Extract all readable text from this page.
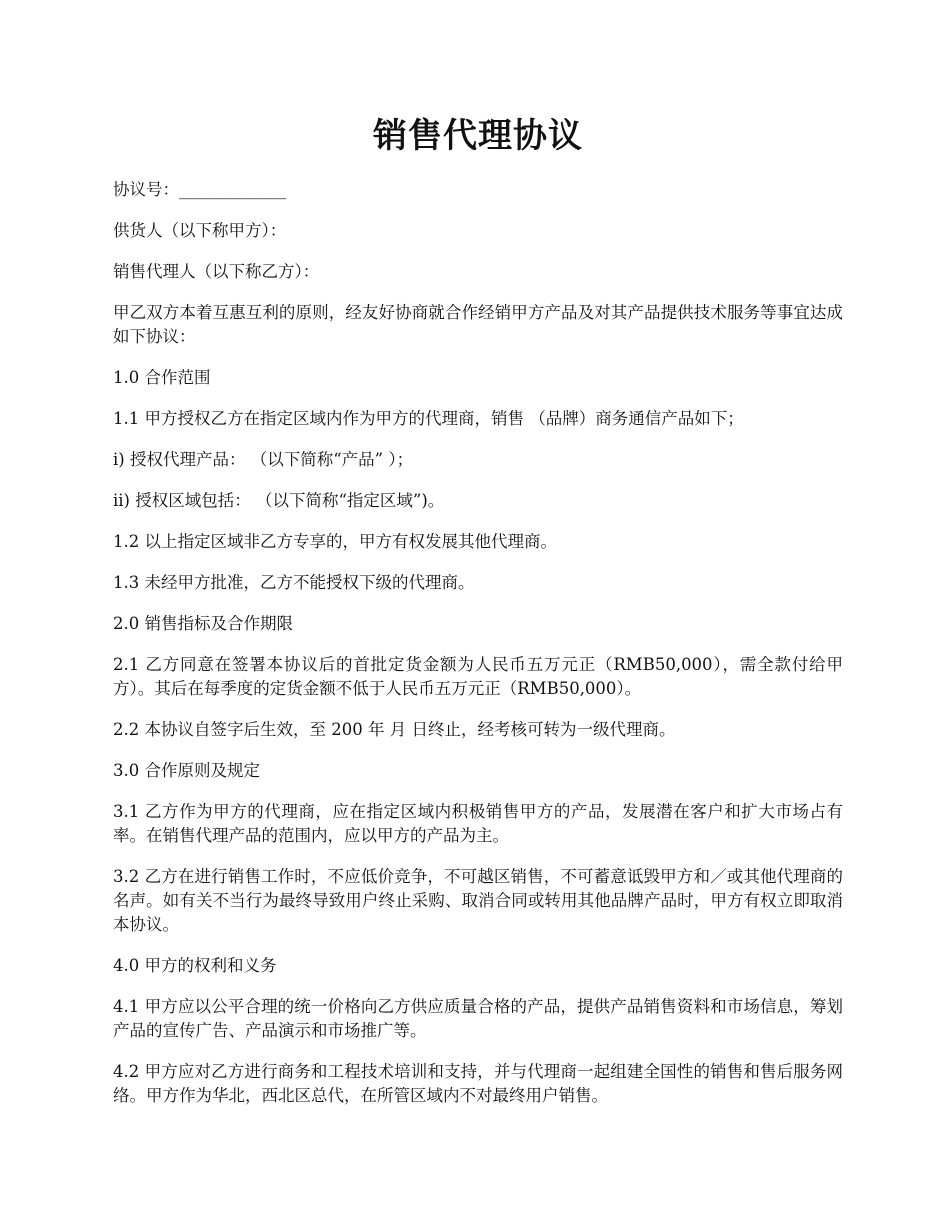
销售代理协议

协议号：_____________

供货人（以下称甲方）：

销售代理人（以下称乙方）：

甲乙双方本着互惠互利的原则，经友好协商就合作经销甲方产品及对其产品提供技术服务等事宜达成如下协议：

1.0 合作范围

1.1 甲方授权乙方在指定区域内作为甲方的代理商，销售 （品牌）商务通信产品如下；

i) 授权代理产品： （以下简称“产品” ）；

ii) 授权区域包括： （以下简称“指定区域”)。

1.2 以上指定区域非乙方专享的，甲方有权发展其他代理商。

1.3 未经甲方批准，乙方不能授权下级的代理商。

2.0 销售指标及合作期限

2.1 乙方同意在签署本协议后的首批定货金额为人民币五万元正（RMB50,000），需全款付给甲方）。其后在每季度的定货金额不低于人民币五万元正（RMB50,000）。

2.2 本协议自签字后生效，至 200 年 月 日终止，经考核可转为一级代理商。

3.0 合作原则及规定

3.1 乙方作为甲方的代理商，应在指定区域内积极销售甲方的产品，发展潜在客户和扩大市场占有率。在销售代理产品的范围内，应以甲方的产品为主。

3.2 乙方在进行销售工作时，不应低价竞争，不可越区销售，不可蓄意诋毁甲方和／或其他代理商的名声。如有关不当行为最终导致用户终止采购、取消合同或转用其他品牌产品时，甲方有权立即取消本协议。

4.0 甲方的权利和义务

4.1 甲方应以公平合理的统一价格向乙方供应质量合格的产品，提供产品销售资料和市场信息，筹划产品的宣传广告、产品演示和市场推广等。

4.2 甲方应对乙方进行商务和工程技术培训和支持，并与代理商一起组建全国性的销售和售后服务网络。甲方作为华北，西北区总代，在所管区域内不对最终用户销售。
